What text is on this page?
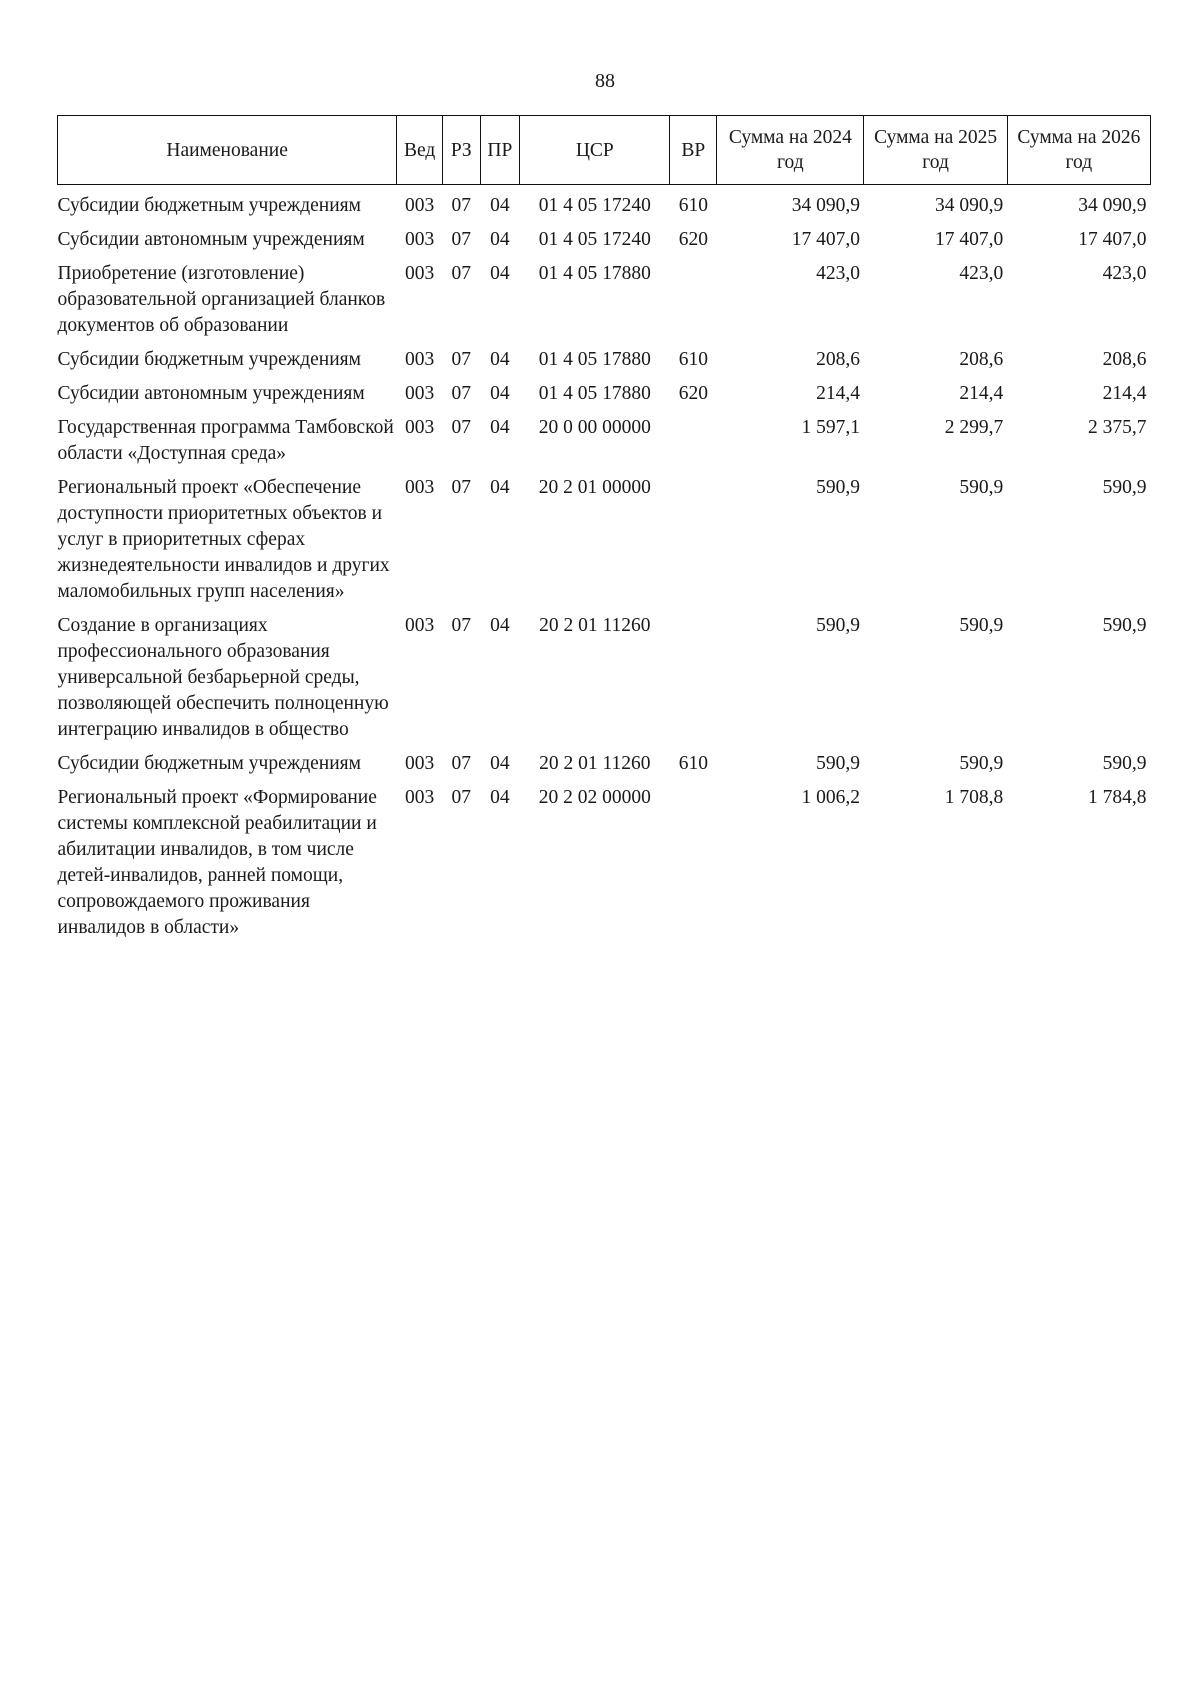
88
Наименование	Вед	РЗ	ПР	ЦСР	ВР	Сумма на 2024 год	Сумма на 2025 год	Сумма на 2026 год
Субсидии бюджетным учреждениям	003	07	04	01 4 05 17240	610	34 090,9	34 090,9	34 090,9
Субсидии автономным учреждениям	003	07	04	01 4 05 17240	620	17 407,0	17 407,0	17 407,0
Приобретение (изготовление) образовательной организацией бланков документов об образовании	003	07	04	01 4 05 17880		423,0	423,0	423,0
Субсидии бюджетным учреждениям	003	07	04	01 4 05 17880	610	208,6	208,6	208,6
Субсидии автономным учреждениям	003	07	04	01 4 05 17880	620	214,4	214,4	214,4
Государственная программа Тамбовской области «Доступная среда»	003	07	04	20 0 00 00000		1 597,1	2 299,7	2 375,7
Региональный проект «Обеспечение доступности приоритетных объектов и услуг в приоритетных сферах жизнедеятельности инвалидов и других маломобильных групп населения»	003	07	04	20 2 01 00000		590,9	590,9	590,9
Создание в организациях профессионального образования универсальной безбарьерной среды, позволяющей обеспечить полноценную интеграцию инвалидов в общество	003	07	04	20 2 01 11260		590,9	590,9	590,9
Субсидии бюджетным учреждениям	003	07	04	20 2 01 11260	610	590,9	590,9	590,9
Региональный проект «Формирование системы комплексной реабилитации и абилитации инвалидов, в том числе детей-инвалидов, ранней помощи, сопровождаемого проживания инвалидов в области»	003	07	04	20 2 02 00000		1 006,2	1 708,8	1 784,8
